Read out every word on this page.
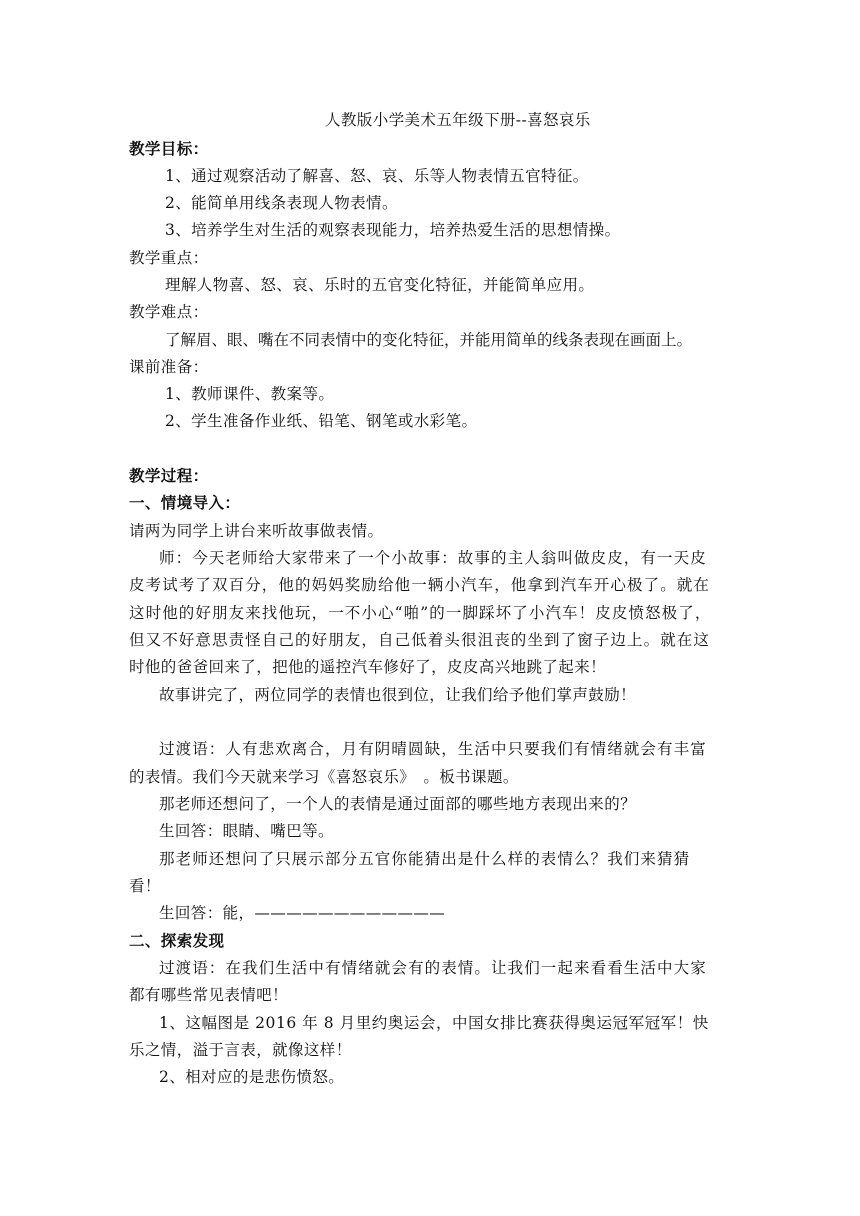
人教版小学美术五年级下册--喜怒哀乐
教学目标：
1、通过观察活动了解喜、怒、哀、乐等人物表情五官特征。
2、能简单用线条表现人物表情。
3、培养学生对生活的观察表现能力，培养热爱生活的思想情操。
教学重点：
理解人物喜、怒、哀、乐时的五官变化特征，并能简单应用。
教学难点：
了解眉、眼、嘴在不同表情中的变化特征，并能用简单的线条表现在画面上。
课前准备：
1、教师课件、教案等。
2、学生准备作业纸、铅笔、钢笔或水彩笔。
教学过程：
一、情境导入：
请两为同学上讲台来听故事做表情。
师：今天老师给大家带来了一个小故事：故事的主人翁叫做皮皮，有一天皮
皮考试考了双百分，他的妈妈奖励给他一辆小汽车，他拿到汽车开心极了。就在
这时他的好朋友来找他玩，一不小心“啪”的一脚踩坏了小汽车！皮皮愤怒极了，
但又不好意思责怪自己的好朋友，自己低着头很沮丧的坐到了窗子边上。就在这
时他的爸爸回来了，把他的遥控汽车修好了，皮皮高兴地跳了起来！
故事讲完了，两位同学的表情也很到位，让我们给予他们掌声鼓励！
过渡语：人有悲欢离合，月有阴晴圆缺，生活中只要我们有情绪就会有丰富
的表情。我们今天就来学习《喜怒哀乐》　。板书课题。
那老师还想问了，一个人的表情是通过面部的哪些地方表现出来的？
生回答：眼睛、嘴巴等。
那老师还想问了只展示部分五官你能猜出是什么样的表情么？我们来猜猜
看！
生回答：能，————————————
二、探索发现
过渡语：在我们生活中有情绪就会有的表情。让我们一起来看看生活中大家
都有哪些常见表情吧！
1、这幅图是 2016 年 8 月里约奥运会，中国女排比赛获得奥运冠军冠军！快
乐之情，溢于言表，就像这样！
2、相对应的是悲伤愤怒。
